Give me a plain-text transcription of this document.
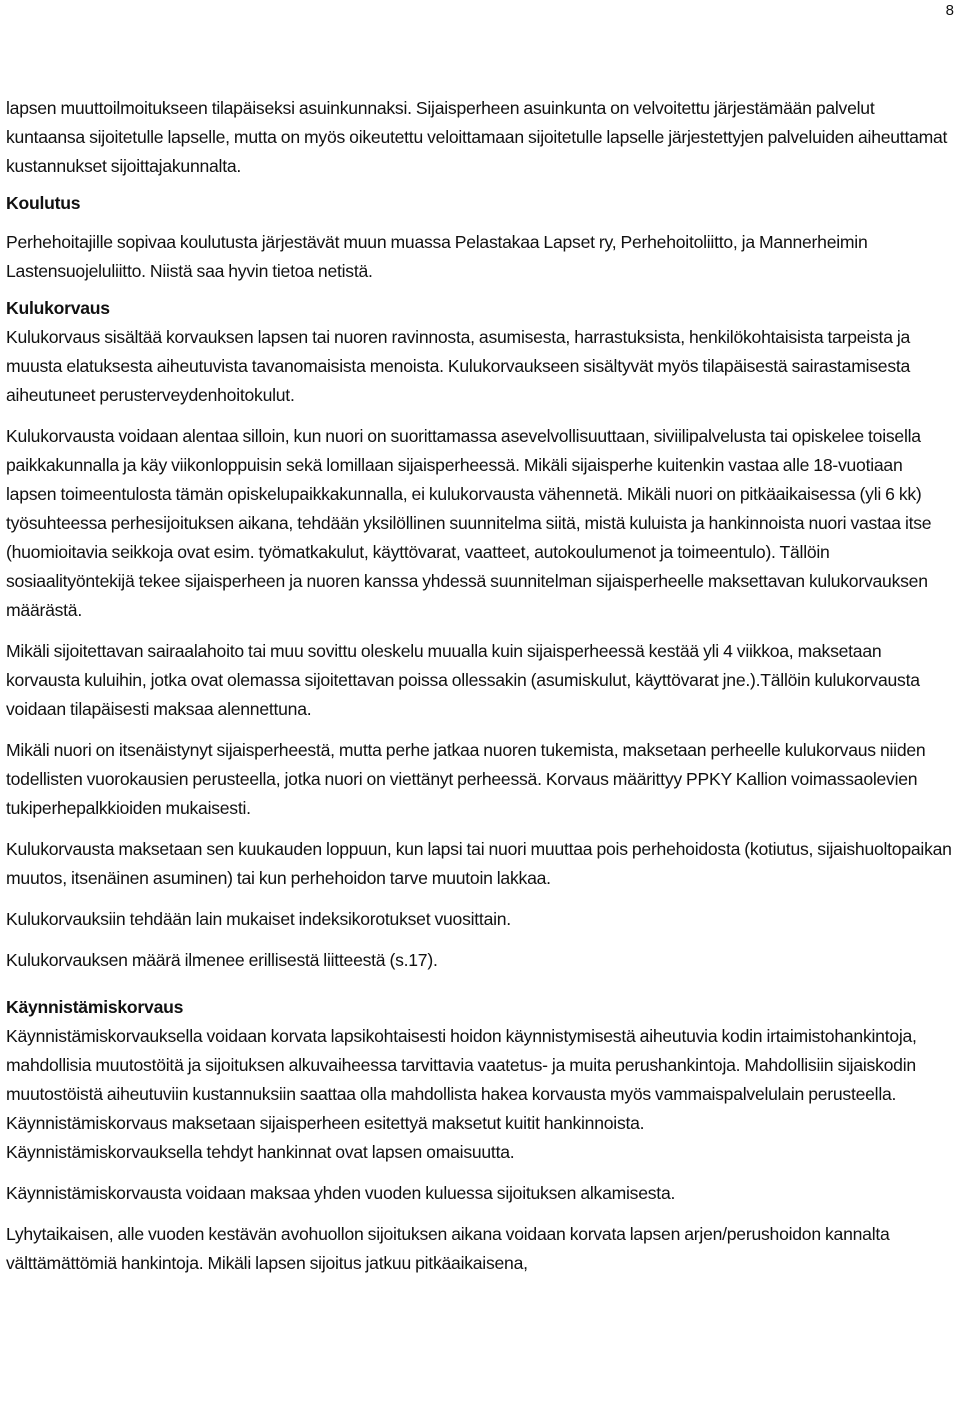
8

lapsen muuttoilmoitukseen tilapäiseksi asuinkunnaksi. Sijaisperheen asuinkunta on velvoitettu järjestämään palvelut kuntaansa sijoitetulle lapselle, mutta on myös oikeutettu veloittamaan sijoitetulle lapselle järjestettyjen palveluiden aiheuttamat kustannukset sijoittajakunnalta.

Koulutus

Perhehoitajille sopivaa koulutusta järjestävät muun muassa Pelastakaa Lapset ry, Perhehoitoliitto, ja Mannerheimin Lastensuojeluliitto. Niistä saa hyvin tietoa netistä.

Kulukorvaus

Kulukorvaus sisältää korvauksen lapsen tai nuoren ravinnosta, asumisesta, harrastuksista, henkilökohtaisista tarpeista ja muusta elatuksesta aiheutuvista tavanomaisista menoista. Kulukorvaukseen sisältyvät myös tilapäisestä sairastamisesta aiheutuneet perusterveydenhoitokulut.

Kulukorvausta voidaan alentaa silloin, kun nuori on suorittamassa asevelvollisuuttaan, siviilipalvelusta tai opiskelee toisella paikkakunnalla ja käy viikonloppuisin sekä lomillaan sijaisperheessä. Mikäli sijaisperhe kuitenkin vastaa alle 18-vuotiaan lapsen toimeentulosta tämän opiskelupaikkakunnalla, ei kulukorvausta vähennetä. Mikäli nuori on pitkäaikaisessa (yli 6 kk) työsuhteessa perhesijoituksen aikana, tehdään yksilöllinen suunnitelma siitä, mistä kuluista ja hankinnoista nuori vastaa itse (huomioitavia seikkoja ovat esim. työmatkakulut, käyttövarat, vaatteet, autokoulumenot ja toimeentulo). Tällöin sosiaalityöntekijä tekee sijaisperheen ja nuoren kanssa yhdessä suunnitelman sijaisperheelle maksettavan kulukorvauksen määrästä.

Mikäli sijoitettavan sairaalahoito tai muu sovittu oleskelu muualla kuin sijaisperheessä kestää yli 4 viikkoa, maksetaan korvausta kuluihin, jotka ovat olemassa sijoitettavan poissa ollessakin (asumiskulut, käyttövarat jne.).Tällöin kulukorvausta voidaan tilapäisesti maksaa alennettuna.

Mikäli nuori on itsenäistynyt sijaisperheestä, mutta perhe jatkaa nuoren tukemista, maksetaan perheelle kulukorvaus niiden todellisten vuorokausien perusteella, jotka nuori on viettänyt perheessä. Korvaus määrittyy PPKY Kallion voimassaolevien tukiperhepalkkioiden mukaisesti.

Kulukorvausta maksetaan sen kuukauden loppuun, kun lapsi tai nuori muuttaa pois perhehoidosta (kotiutus, sijaishuoltopaikan muutos, itsenäinen asuminen) tai kun perhehoidon tarve muutoin lakkaa.

Kulukorvauksiin tehdään lain mukaiset indeksikorotukset vuosittain.

Kulukorvauksen määrä ilmenee erillisestä liitteestä (s.17).

Käynnistämiskorvaus

Käynnistämiskorvauksella voidaan korvata lapsikohtaisesti hoidon käynnistymisestä aiheutuvia kodin irtaimistohankintoja, mahdollisia muutostöitä ja sijoituksen alkuvaiheessa tarvittavia vaatetus- ja muita perushankintoja. Mahdollisiin sijaiskodin muutostöistä aiheutuviin kustannuksiin saattaa olla mahdollista hakea korvausta myös vammaispalvelulain perusteella.

Käynnistämiskorvaus maksetaan sijaisperheen esitettyä maksetut kuitit hankinnoista.

Käynnistämiskorvauksella tehdyt hankinnat ovat lapsen omaisuutta.

Käynnistämiskorvausta voidaan maksaa yhden vuoden kuluessa sijoituksen alkamisesta.

Lyhytaikaisen, alle vuoden kestävän avohuollon sijoituksen aikana voidaan korvata lapsen arjen/perushoidon kannalta välttämättömiä hankintoja. Mikäli lapsen sijoitus jatkuu pitkäaikaisena,
